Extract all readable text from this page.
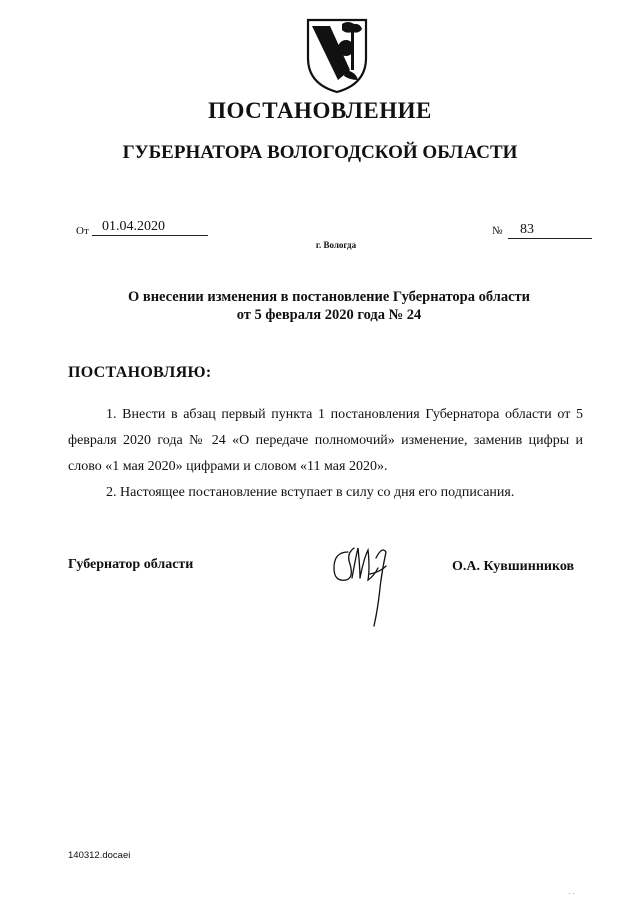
ПОСТАНОВЛЕНИЕ
ГУБЕРНАТОРА ВОЛОГОДСКОЙ ОБЛАСТИ
От 01.04.2020	№	83
г. Вологда
О внесении изменения в постановление Губернатора области
от 5 февраля 2020 года № 24
ПОСТАНОВЛЯЮ:

1. Внести в абзац первый пункта 1 постановления Губернатора области от 5 февраля 2020 года № 24 «О передаче полномочий» изменение, заменив цифры и слово «1 мая 2020» цифрами и словом «11 мая 2020».

2. Настоящее постановление вступает в силу со дня его подписания.

Губернатор области	О.А. Кувшинников
140312.docaei
· ·
